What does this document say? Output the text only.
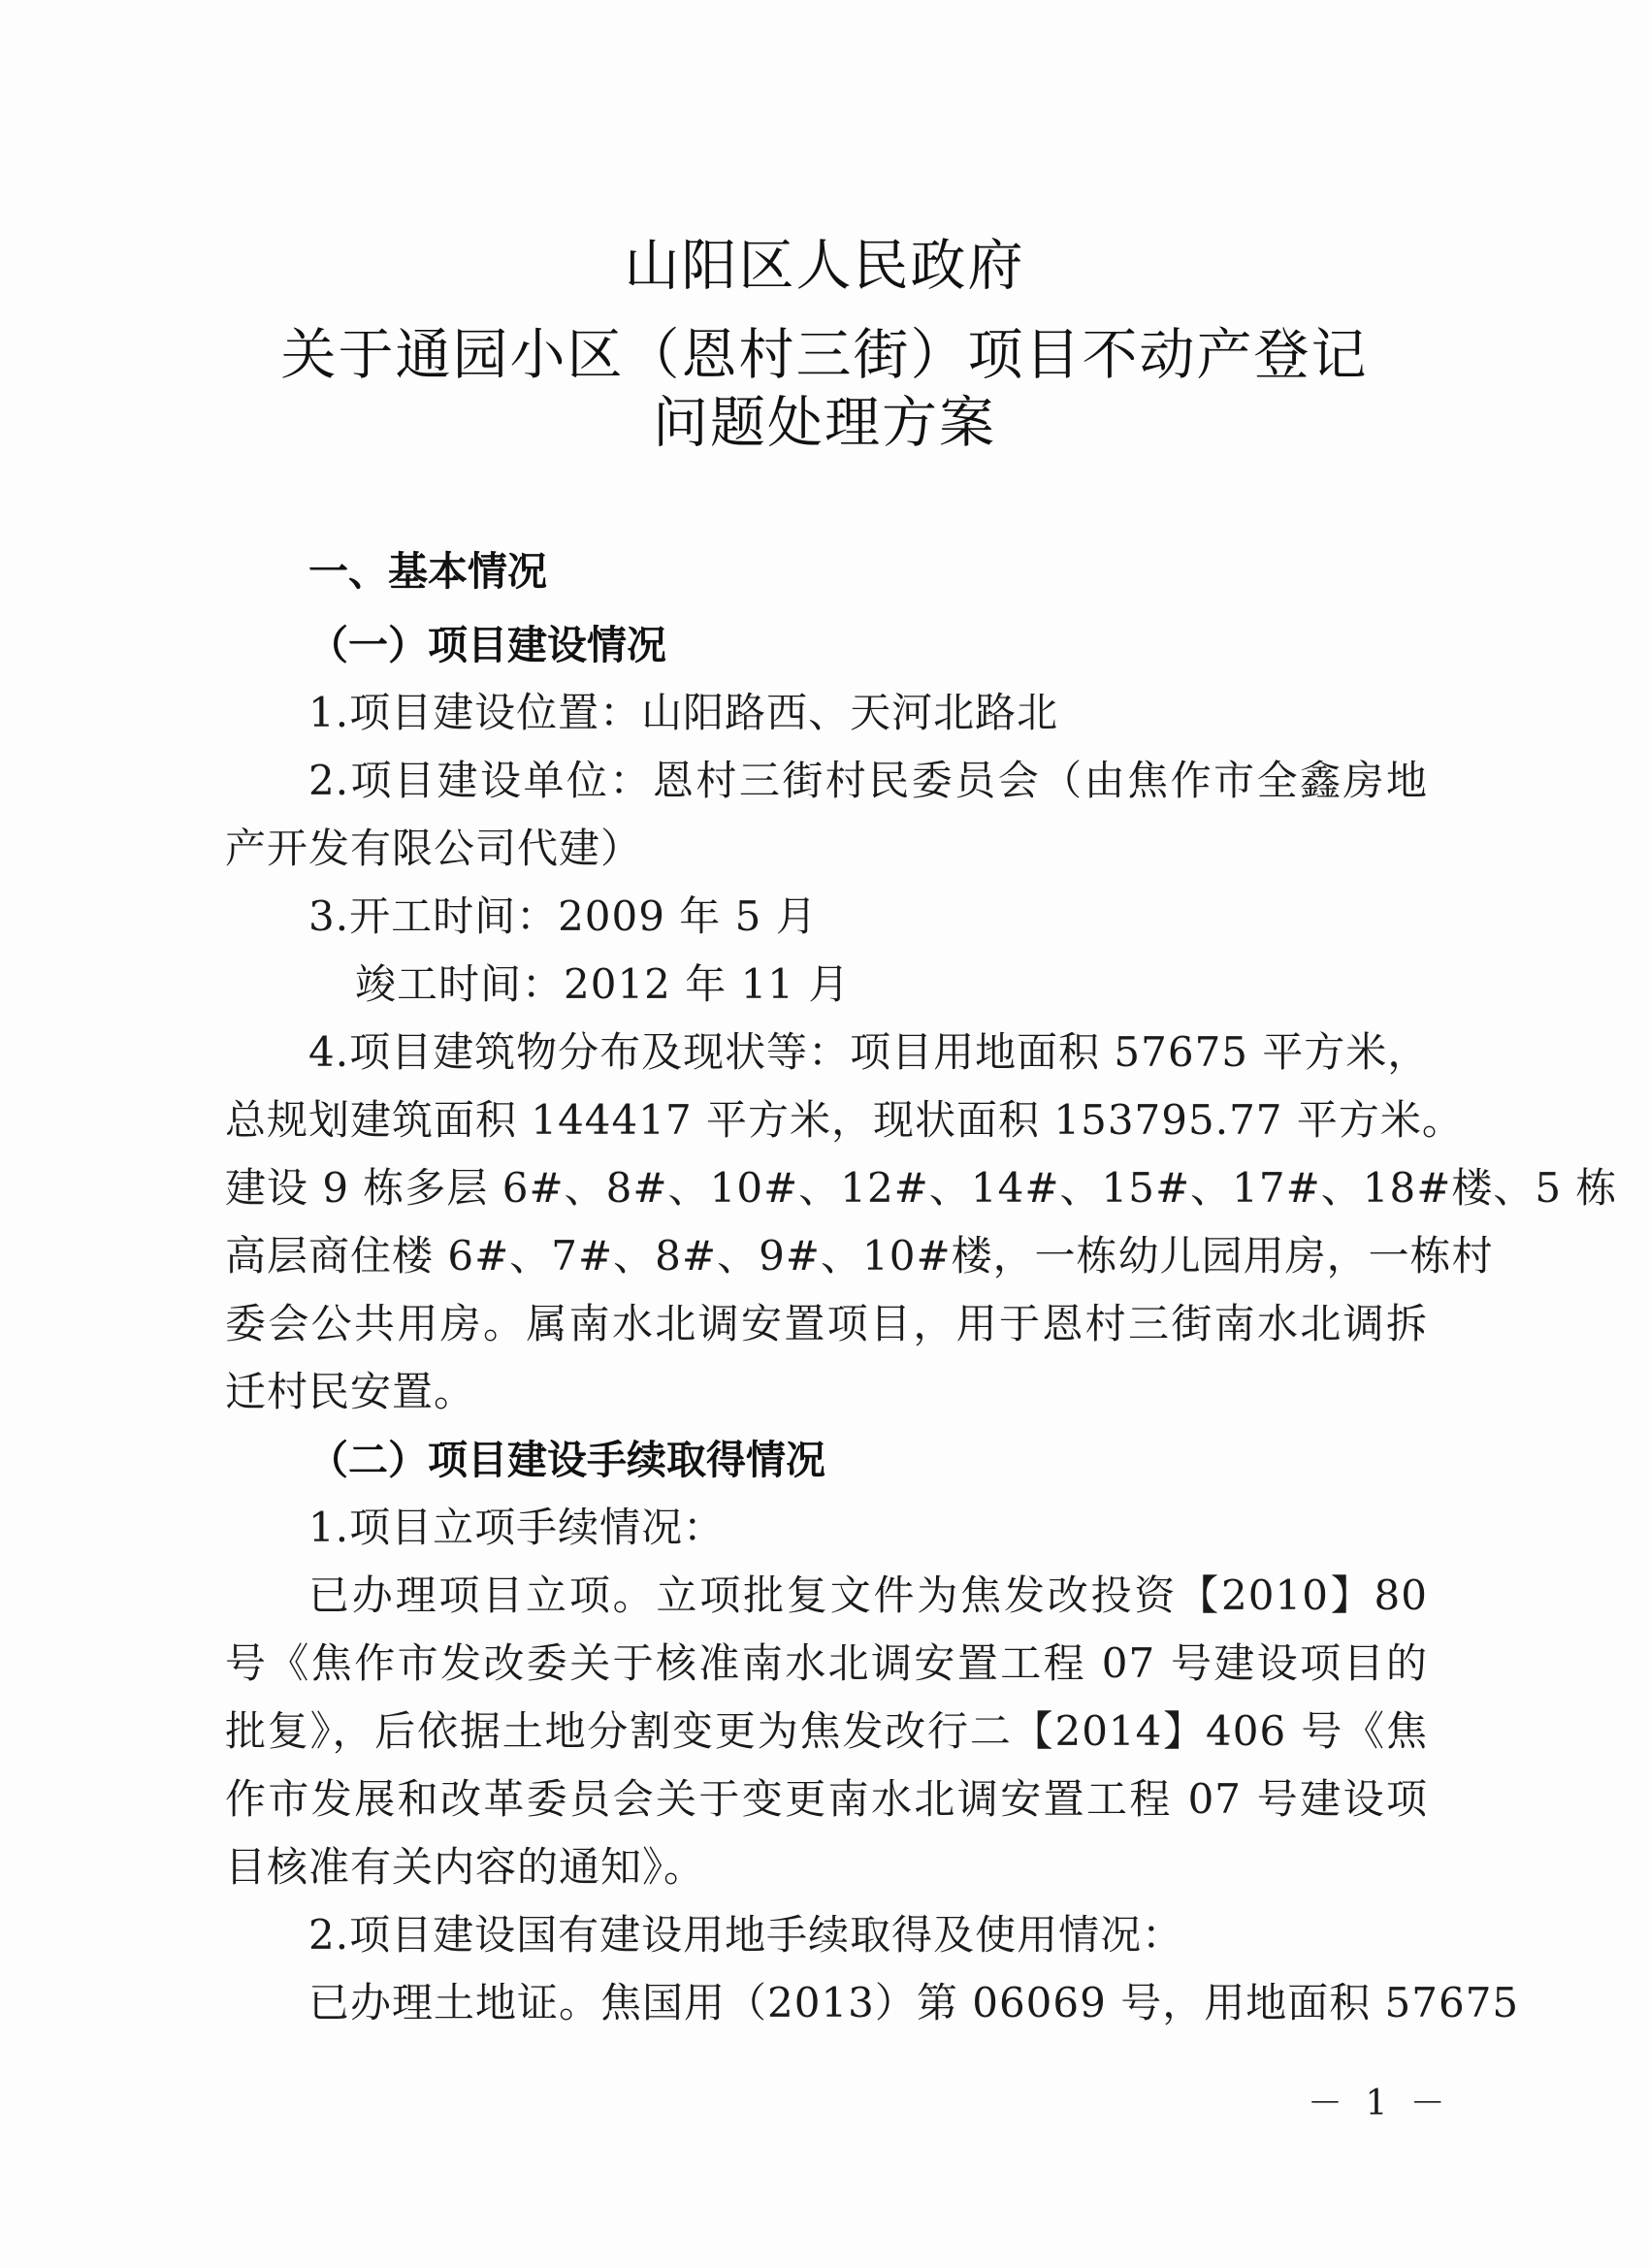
山阳区人民政府
关于通园小区（恩村三街）项目不动产登记
问题处理方案
一、基本情况
（一）项目建设情况
1.项目建设位置：山阳路西、天河北路北
2.项目建设单位：恩村三街村民委员会（由焦作市全鑫房地
产开发有限公司代建）
3.开工时间：2009 年 5 月
竣工时间：2012 年 11 月
4.项目建筑物分布及现状等：项目用地面积 57675 平方米，
总规划建筑面积 144417 平方米，现状面积 153795.77 平方米。
建设 9 栋多层 6#、8#、10#、12#、14#、15#、17#、18#楼、5 栋
高层商住楼 6#、7#、8#、9#、10#楼，一栋幼儿园用房，一栋村
委会公共用房。属南水北调安置项目，用于恩村三街南水北调拆
迁村民安置。
（二）项目建设手续取得情况
1.项目立项手续情况：
已办理项目立项。立项批复文件为焦发改投资【2010】80
号《焦作市发改委关于核准南水北调安置工程 07 号建设项目的
批复》，后依据土地分割变更为焦发改行二【2014】406 号《焦
作市发展和改革委员会关于变更南水北调安置工程 07 号建设项
目核准有关内容的通知》。
2.项目建设国有建设用地手续取得及使用情况：
已办理土地证。焦国用（2013）第 06069 号，用地面积 57675
－ 1 －
